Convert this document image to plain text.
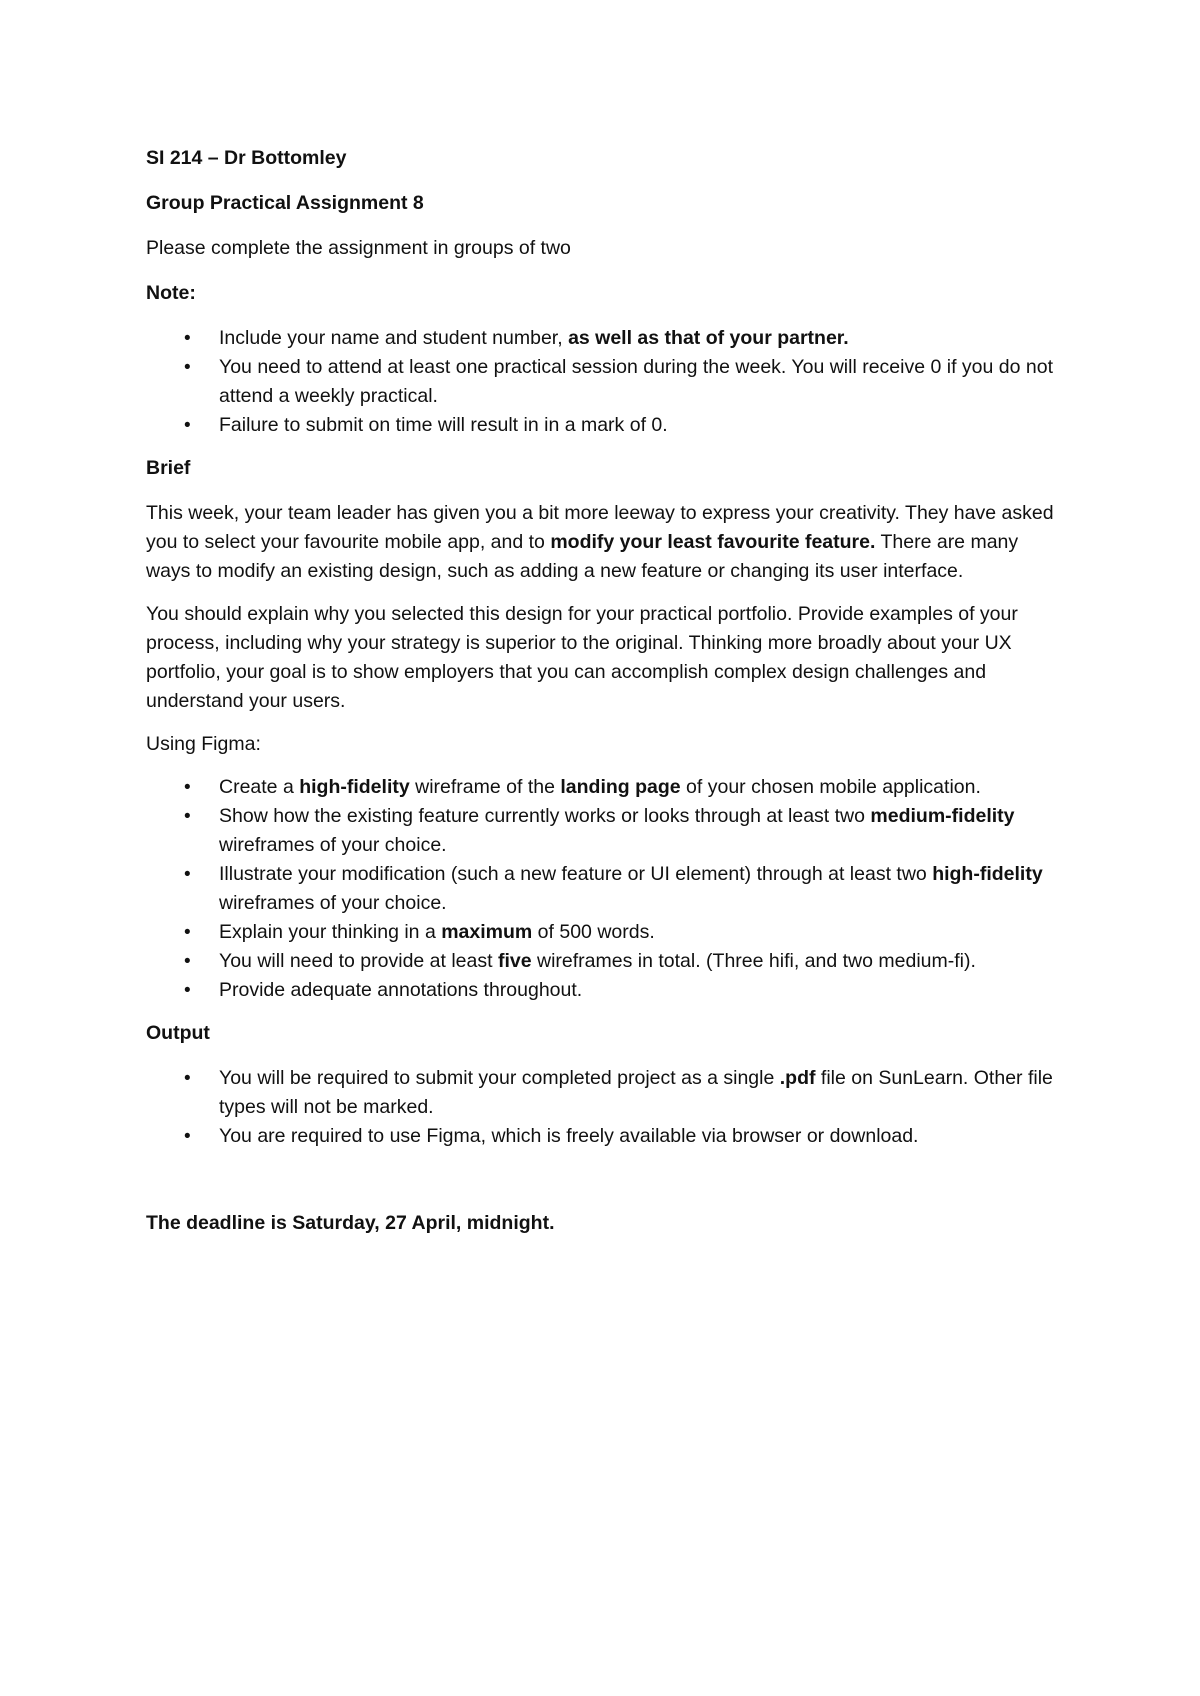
SI 214 – Dr Bottomley
Group Practical Assignment 8
Please complete the assignment in groups of two
Note:
• Include your name and student number, as well as that of your partner.
• You need to attend at least one practical session during the week. You will receive 0 if you do not attend a weekly practical.
• Failure to submit on time will result in in a mark of 0.
Brief
This week, your team leader has given you a bit more leeway to express your creativity. They have asked you to select your favourite mobile app, and to modify your least favourite feature. There are many ways to modify an existing design, such as adding a new feature or changing its user interface.
You should explain why you selected this design for your practical portfolio. Provide examples of your process, including why your strategy is superior to the original. Thinking more broadly about your UX portfolio, your goal is to show employers that you can accomplish complex design challenges and understand your users.
Using Figma:
• Create a high-fidelity wireframe of the landing page of your chosen mobile application.
• Show how the existing feature currently works or looks through at least two medium-fidelity wireframes of your choice.
• Illustrate your modification (such a new feature or UI element) through at least two high-fidelity wireframes of your choice.
• Explain your thinking in a maximum of 500 words.
• You will need to provide at least five wireframes in total. (Three hifi, and two medium-fi).
• Provide adequate annotations throughout.
Output
• You will be required to submit your completed project as a single .pdf file on SunLearn. Other file types will not be marked.
• You are required to use Figma, which is freely available via browser or download.
The deadline is Saturday, 27 April, midnight.
